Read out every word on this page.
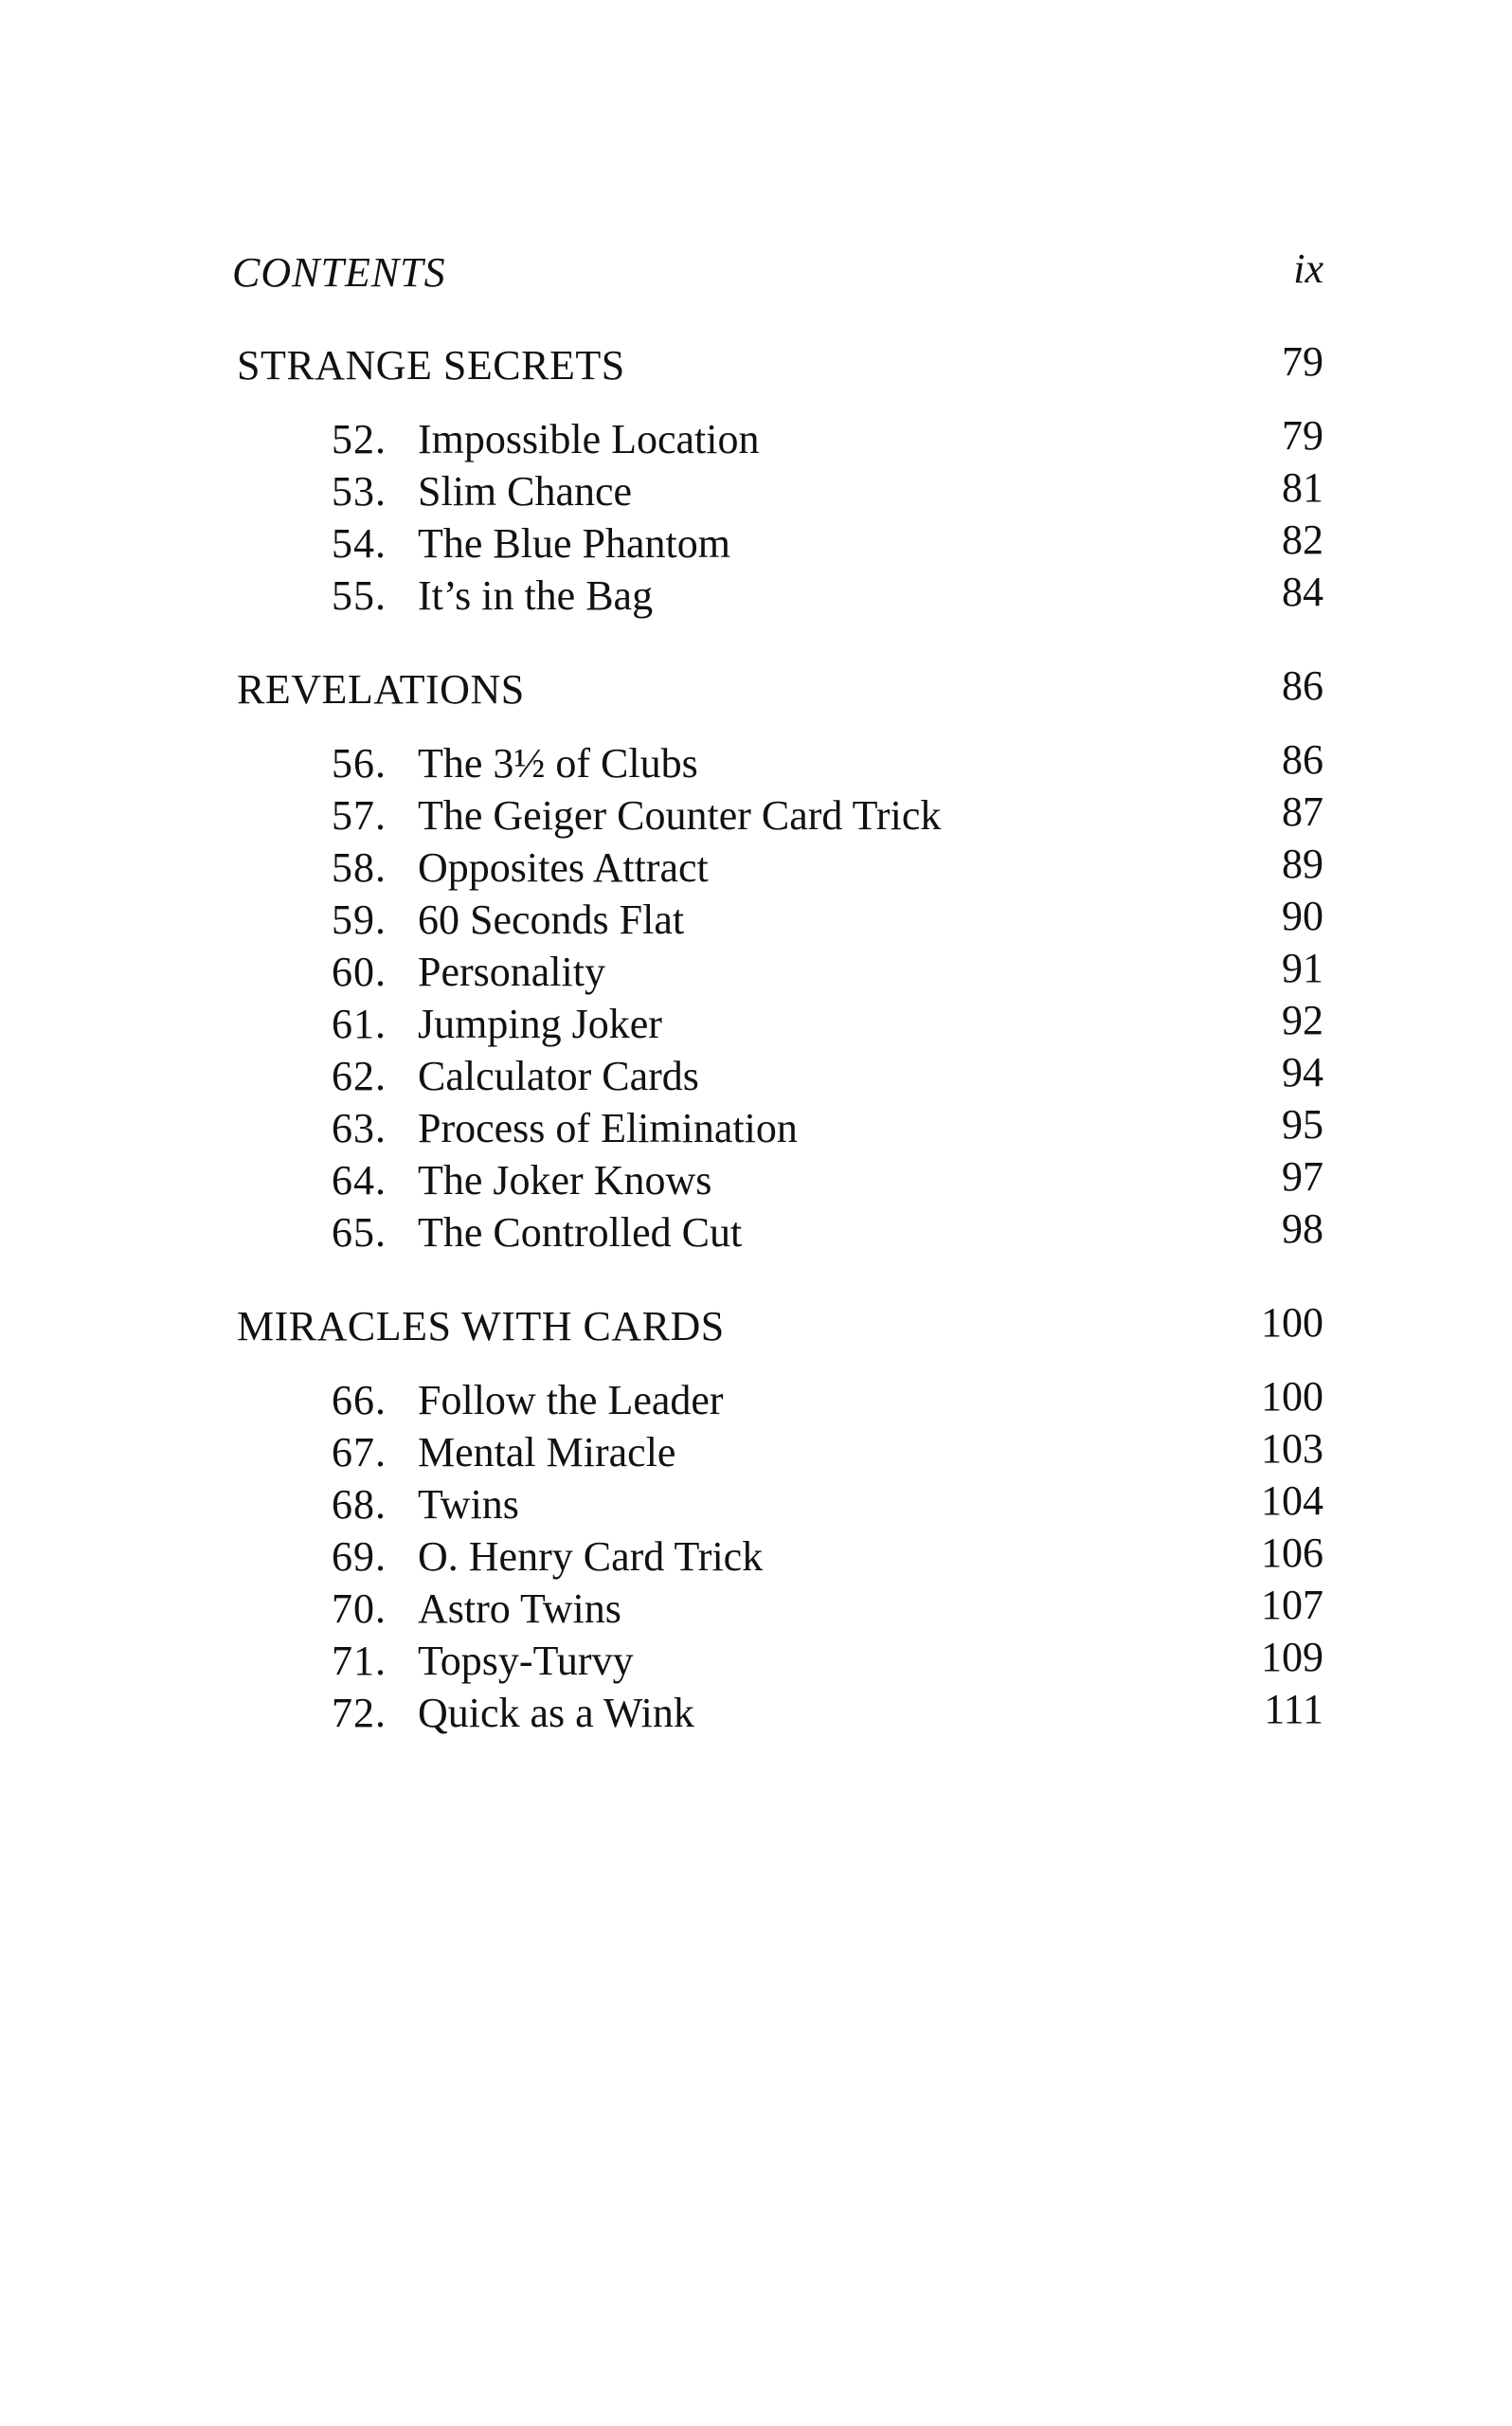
CONTENTS	ix
STRANGE SECRETS	79
52. Impossible Location	79
53. Slim Chance	81
54. The Blue Phantom	82
55. It’s in the Bag	84
REVELATIONS	86
56. The 3½ of Clubs	86
57. The Geiger Counter Card Trick	87
58. Opposites Attract	89
59. 60 Seconds Flat	90
60. Personality	91
61. Jumping Joker	92
62. Calculator Cards	94
63. Process of Elimination	95
64. The Joker Knows	97
65. The Controlled Cut	98
MIRACLES WITH CARDS	100
66. Follow the Leader	100
67. Mental Miracle	103
68. Twins	104
69. O. Henry Card Trick	106
70. Astro Twins	107
71. Topsy-Turvy	109
72. Quick as a Wink	111
